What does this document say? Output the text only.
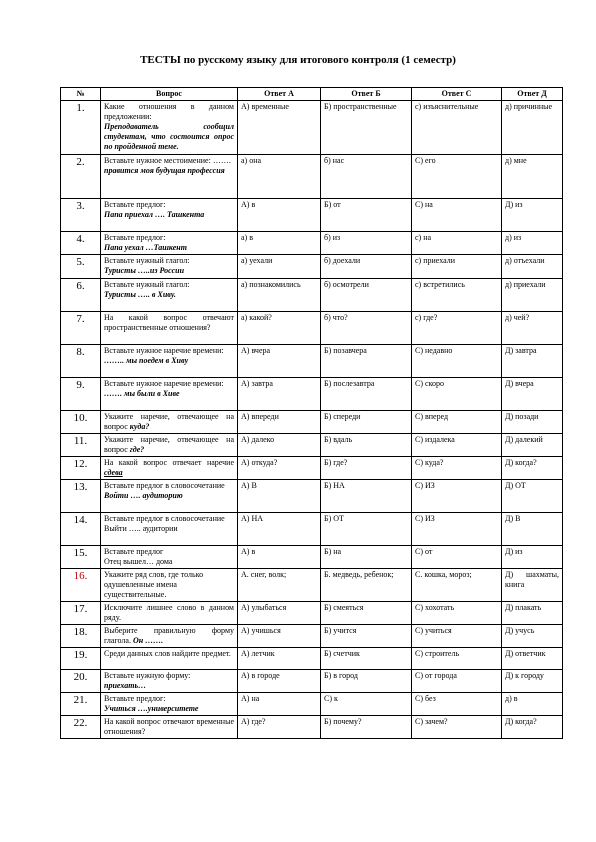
ТЕСТЫ по русскому языку для итогового контроля (1 семестр)
№	Вопрос	Ответ А	Ответ Б	Ответ С	Ответ Д
1.	Какие отношения в данном предложении:
Преподаватель сообщил студентам, что состоится опрос по пройденной теме.	А) временные	Б) пространственные	с) изъяснительные	д) причинные
2.	Вставьте нужное местоимение: …….
правится моя будущая профессия	а) она	б) нас	С) его	д) мне
3.	Вставьте предлог:
Папа приехал …. Ташкента	А) в	Б) от	С) на	Д) из
4.	Вставьте предлог:
Папа уехал …Ташкент	а) в	б) из	с) на	д) из
5.	Вставьте нужный глагол:
Туристы …..из России	а) уехали	б) доехали	с) приехали	д) отъехали
6.	Вставьте нужный глагол:
Туристы ….. в Хиву.	а) познакомились	б) осмотрели	с) встретились	д) приехали
7.	На какой вопрос отвечают пространственные отношения?	а) какой?	б) что?	с) где?	д) чей?
8.	Вставьте нужное наречие времени:
…….. мы поедем в Хиву	А) вчера	Б) позавчера	С) недавно	Д) завтра
9.	Вставьте нужное наречие времени:
……. мы были в Хиве	А) завтра	Б) послезавтра	С) скоро	Д) вчера
10.	Укажите наречие, отвечающее на вопрос куда?	А) впереди	Б) спереди	С) вперед	Д) позади
11.	Укажите наречие, отвечающее на вопрос где?	А) далеко	Б) вдаль	С) издалека	Д) далекий
12.	На какой вопрос отвечает наречие сдева	А) откуда?	Б) где?	С) куда?	Д) когда?
13.	Вставьте предлог в словосочетание
Войти …. аудиторию	А) В	Б) НА	С) ИЗ	Д) ОТ
14.	Вставьте предлог в словосочетание
Выйти ….. аудитории	А) НА	Б) ОТ	С) ИЗ	Д) В
15.	Вставьте предлог
Отец вышел… дома	А) в	Б) на	С) от	Д) из
16.	Укажите ряд слов, где только одушевленные имена существительные.	А. снег, волк;	Б. медведь, ребенок;	С. кошка, мороз;	Д) шахматы, книга
17.	Исключите лишнее слово в данном ряду.	А) улыбаться	Б) смеяться	С) хохотать	Д) плакать
18.	Выберите правильную форму глагола. Он …….	А) учишься	Б) учится	С) учиться	Д) учусь
19.	Среди данных слов найдите предмет.	А) летчик	Б) счетчик	С) строитель	Д) ответчик
20.	Вставьте нужную форму:
приехать…	А) в городе	Б) в город	С) от города	Д) к городу
21.	Вставьте предлог:
Учиться ….университете	А) на	С) к	С) без	д) в
22.	На какой вопрос отвечают временные отношения?	А) где?	Б) почему?	С) зачем?	Д) когда?
